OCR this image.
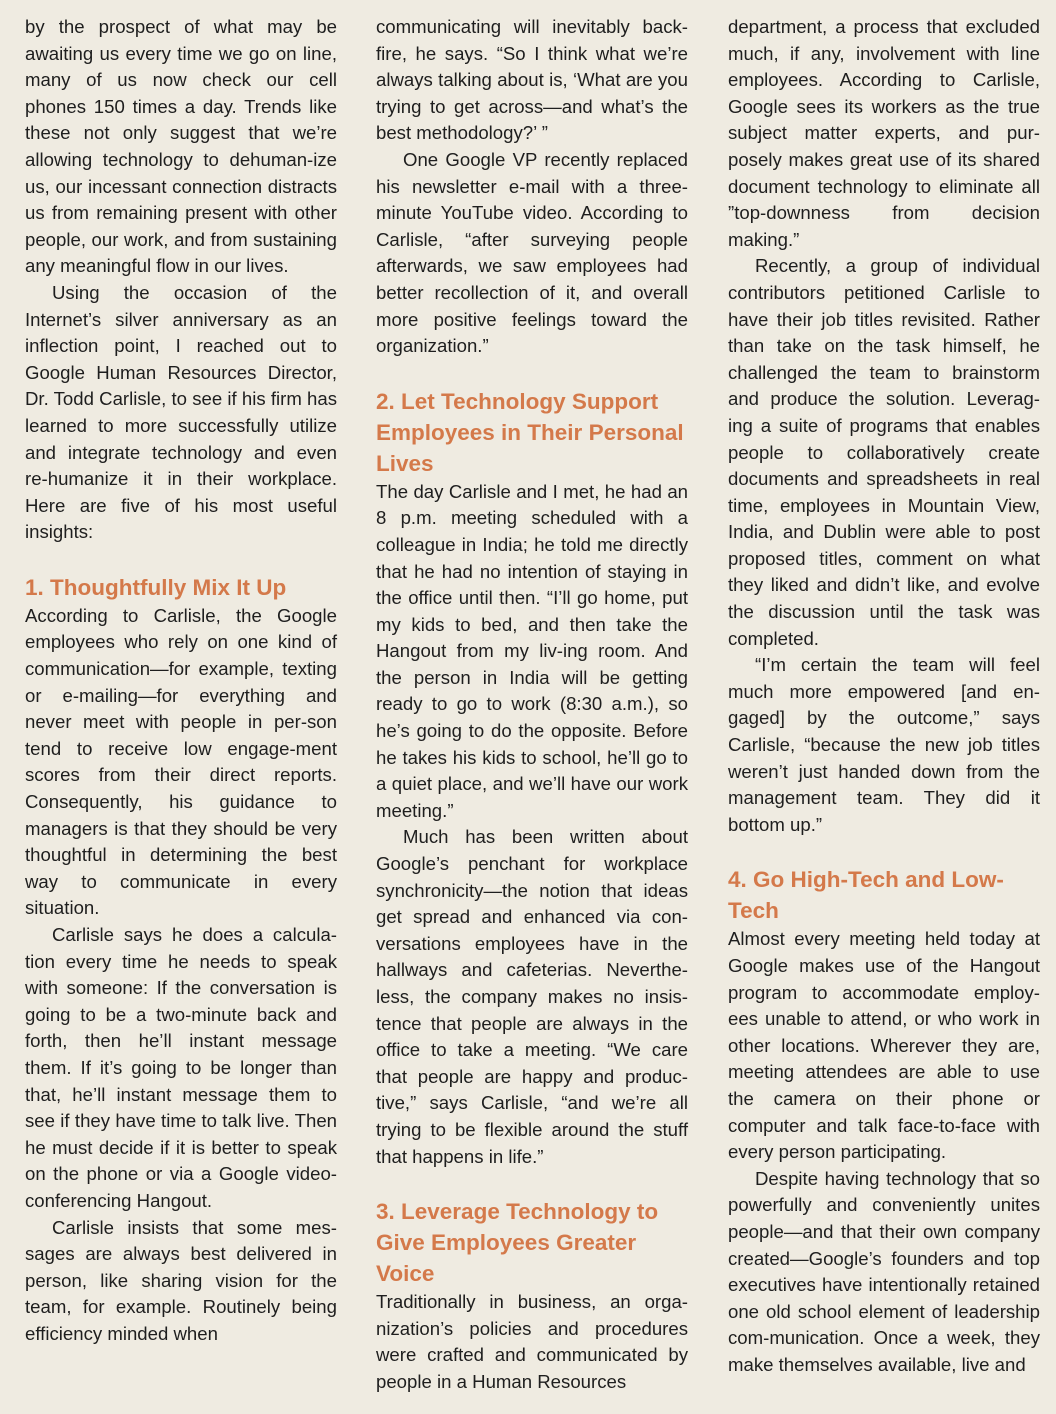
by the prospect of what may be awaiting us every time we go on line, many of us now check our cell phones 150 times a day. Trends like these not only suggest that we’re allowing technology to dehuman-ize us, our incessant connection distracts us from remaining present with other people, our work, and from sustaining any meaningful flow in our lives.

Using the occasion of the Internet’s silver anniversary as an inflection point, I reached out to Google Human Resources Director, Dr. Todd Carlisle, to see if his firm has learned to more successfully utilize and integrate technology and even re-humanize it in their workplace. Here are five of his most useful insights:

1. Thoughtfully Mix It Up

According to Carlisle, the Google employees who rely on one kind of communication—for example, texting or e-mailing—for everything and never meet with people in per-son tend to receive low engage-ment scores from their direct reports. Consequently, his guidance to managers is that they should be very thoughtful in determining the best way to communicate in every situation.

Carlisle says he does a calcula-tion every time he needs to speak with someone: If the conversation is going to be a two-minute back and forth, then he’ll instant message them. If it’s going to be longer than that, he’ll instant message them to see if they have time to talk live. Then he must decide if it is better to speak on the phone or via a Google video-conferencing Hangout.

Carlisle insists that some mes-sages are always best delivered in person, like sharing vision for the team, for example. Routinely being efficiency minded when

communicating will inevitably back-fire, he says. “So I think what we’re always talking about is, ‘What are you trying to get across—and what’s the best methodology?’ ”

One Google VP recently replaced his newsletter e-mail with a three-minute YouTube video. According to Carlisle, “after surveying people afterwards, we saw employees had better recollection of it, and overall more positive feelings toward the organization.”

2. Let Technology Support Employees in Their Personal Lives

The day Carlisle and I met, he had an 8 p.m. meeting scheduled with a colleague in India; he told me directly that he had no intention of staying in the office until then. “I’ll go home, put my kids to bed, and then take the Hangout from my liv-ing room. And the person in India will be getting ready to go to work (8:30 a.m.), so he’s going to do the opposite. Before he takes his kids to school, he’ll go to a quiet place, and we’ll have our work meeting.”

Much has been written about Google’s penchant for workplace synchronicity—the notion that ideas get spread and enhanced via con-versations employees have in the hallways and cafeterias. Neverthe-less, the company makes no insis-tence that people are always in the office to take a meeting. “We care that people are happy and produc-tive,” says Carlisle, “and we’re all trying to be flexible around the stuff that happens in life.”

3. Leverage Technology to Give Employees Greater Voice

Traditionally in business, an orga-nization’s policies and procedures were crafted and communicated by people in a Human Resources

department, a process that excluded much, if any, involvement with line employees. According to Carlisle, Google sees its workers as the true subject matter experts, and pur-posely makes great use of its shared document technology to eliminate all ”top-downness from decision making.”

Recently, a group of individual contributors petitioned Carlisle to have their job titles revisited. Rather than take on the task himself, he challenged the team to brainstorm and produce the solution. Leverag-ing a suite of programs that enables people to collaboratively create documents and spreadsheets in real time, employees in Mountain View, India, and Dublin were able to post proposed titles, comment on what they liked and didn’t like, and evolve the discussion until the task was completed.

“I’m certain the team will feel much more empowered [and en-gaged] by the outcome,” says Carlisle, “because the new job titles weren’t just handed down from the management team. They did it bottom up.”

4. Go High-Tech and Low-Tech

Almost every meeting held today at Google makes use of the Hangout program to accommodate employ-ees unable to attend, or who work in other locations. Wherever they are, meeting attendees are able to use the camera on their phone or computer and talk face-to-face with every person participating.

Despite having technology that so powerfully and conveniently unites people—and that their own company created—Google’s founders and top executives have intentionally retained one old school element of leadership com-munication. Once a week, they make themselves available, live and
